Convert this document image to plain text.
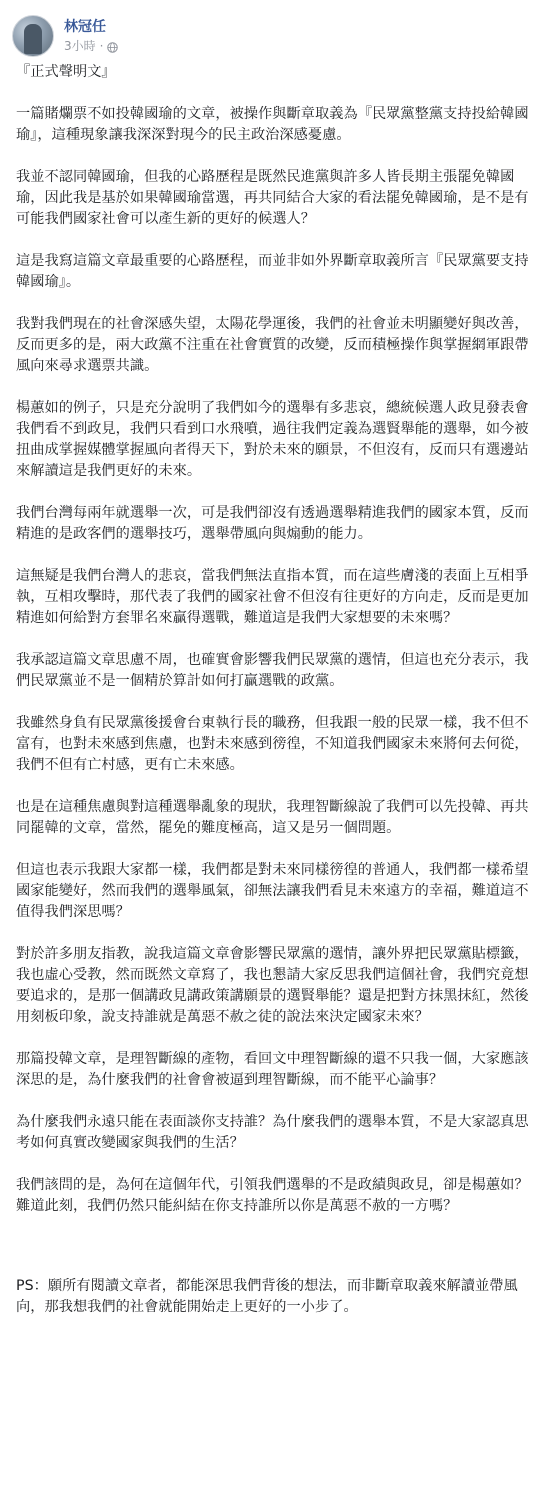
林冠任
3小時 ·

『正式聲明文』

一篇賭爛票不如投韓國瑜的文章，被操作與斷章取義為『民眾黨整黨支持投給韓國瑜』，這種現象讓我深深對現今的民主政治深感憂慮。

我並不認同韓國瑜，但我的心路歷程是既然民進黨與許多人皆長期主張罷免韓國瑜，因此我是基於如果韓國瑜當選，再共同結合大家的看法罷免韓國瑜，是不是有可能我們國家社會可以產生新的更好的候選人？

這是我寫這篇文章最重要的心路歷程，而並非如外界斷章取義所言『民眾黨要支持韓國瑜』。

我對我們現在的社會深感失望，太陽花學運後，我們的社會並未明顯變好與改善，反而更多的是，兩大政黨不注重在社會實質的改變，反而積極操作與掌握網軍跟帶風向來尋求選票共識。

楊蕙如的例子，只是充分說明了我們如今的選舉有多悲哀，總統候選人政見發表會我們看不到政見，我們只看到口水飛噴，過往我們定義為選賢舉能的選舉，如今被扭曲成掌握媒體掌握風向者得天下，對於未來的願景，不但沒有，反而只有選邊站來解讀這是我們更好的未來。

我們台灣每兩年就選舉一次，可是我們卻沒有透過選舉精進我們的國家本質，反而精進的是政客們的選舉技巧，選舉帶風向與煽動的能力。

這無疑是我們台灣人的悲哀，當我們無法直指本質，而在這些膚淺的表面上互相爭執，互相攻擊時，那代表了我們的國家社會不但沒有往更好的方向走，反而是更加精進如何給對方套罪名來贏得選戰，難道這是我們大家想要的未來嗎？

我承認這篇文章思慮不周，也確實會影響我們民眾黨的選情，但這也充分表示，我們民眾黨並不是一個精於算計如何打贏選戰的政黨。

我雖然身負有民眾黨後援會台東執行長的職務，但我跟一般的民眾一樣，我不但不富有，也對未來感到焦慮，也對未來感到徬徨，不知道我們國家未來將何去何從，我們不但有亡村感，更有亡未來感。

也是在這種焦慮與對這種選舉亂象的現狀，我理智斷線說了我們可以先投韓、再共同罷韓的文章，當然，罷免的難度極高，這又是另一個問題。

但這也表示我跟大家都一樣，我們都是對未來同樣徬徨的普通人，我們都一樣希望國家能變好，然而我們的選舉風氣，卻無法讓我們看見未來遠方的幸福，難道這不值得我們深思嗎？

對於許多朋友指教，說我這篇文章會影響民眾黨的選情，讓外界把民眾黨貼標籤，我也虛心受教，然而既然文章寫了，我也懇請大家反思我們這個社會，我們究竟想要追求的，是那一個講政見講政策講願景的選賢舉能？還是把對方抹黑抹紅，然後用刻板印象，說支持誰就是萬惡不赦之徒的說法來決定國家未來？

那篇投韓文章，是理智斷線的產物，看回文中理智斷線的還不只我一個，大家應該深思的是，為什麼我們的社會會被逼到理智斷線，而不能平心論事？

為什麼我們永遠只能在表面談你支持誰？為什麼我們的選舉本質，不是大家認真思考如何真實改變國家與我們的生活？

我們該問的是，為何在這個年代，引領我們選舉的不是政績與政見，卻是楊蕙如？難道此刻，我們仍然只能糾結在你支持誰所以你是萬惡不赦的一方嗎？

PS：願所有閱讀文章者，都能深思我們背後的想法，而非斷章取義來解讀並帶風向，那我想我們的社會就能開始走上更好的一小步了。
